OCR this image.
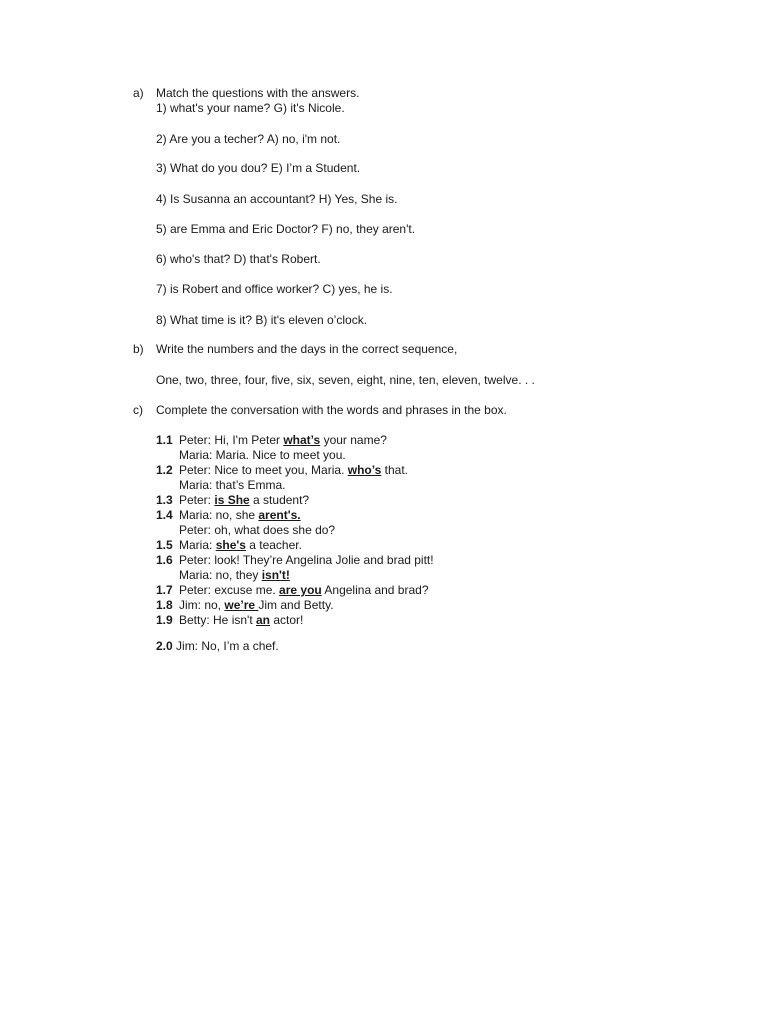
a) Match the questions with the answers.
1) what's your name? G) it's Nicole.
2) Are you a techer? A) no, i'm not.
3) What do you dou? E) I’m a Student.
4) Is Susanna an accountant? H) Yes, She is.
5) are Emma and Eric Doctor? F) no, they aren't.
6) who's that? D) that's Robert.
7) is Robert and office worker? C) yes, he is.
8) What time is it? B) it's eleven o’clock.
b) Write the numbers and the days in the correct sequence,
One, two, three, four, five, six, seven, eight, nine, ten, eleven, twelve. . .
c) Complete the conversation with the words and phrases in the box.
1.1 Peter: Hi, I'm Peter what’s your name?
Maria: Maria. Nice to meet you.
1.2 Peter: Nice to meet you, Maria. who’s that.
Maria: that’s Emma.
1.3 Peter: is She a student?
1.4 Maria: no, she arent's.
Peter: oh, what does she do?
1.5 Maria: she's a teacher.
1.6 Peter: look! They’re Angelina Jolie and brad pitt!
Maria: no, they isn't!
1.7 Peter: excuse me. are you Angelina and brad?
1.8 Jim: no, we’re Jim and Betty.
1.9 Betty: He isn't an actor!
2.0 Jim: No, I’m a chef.
